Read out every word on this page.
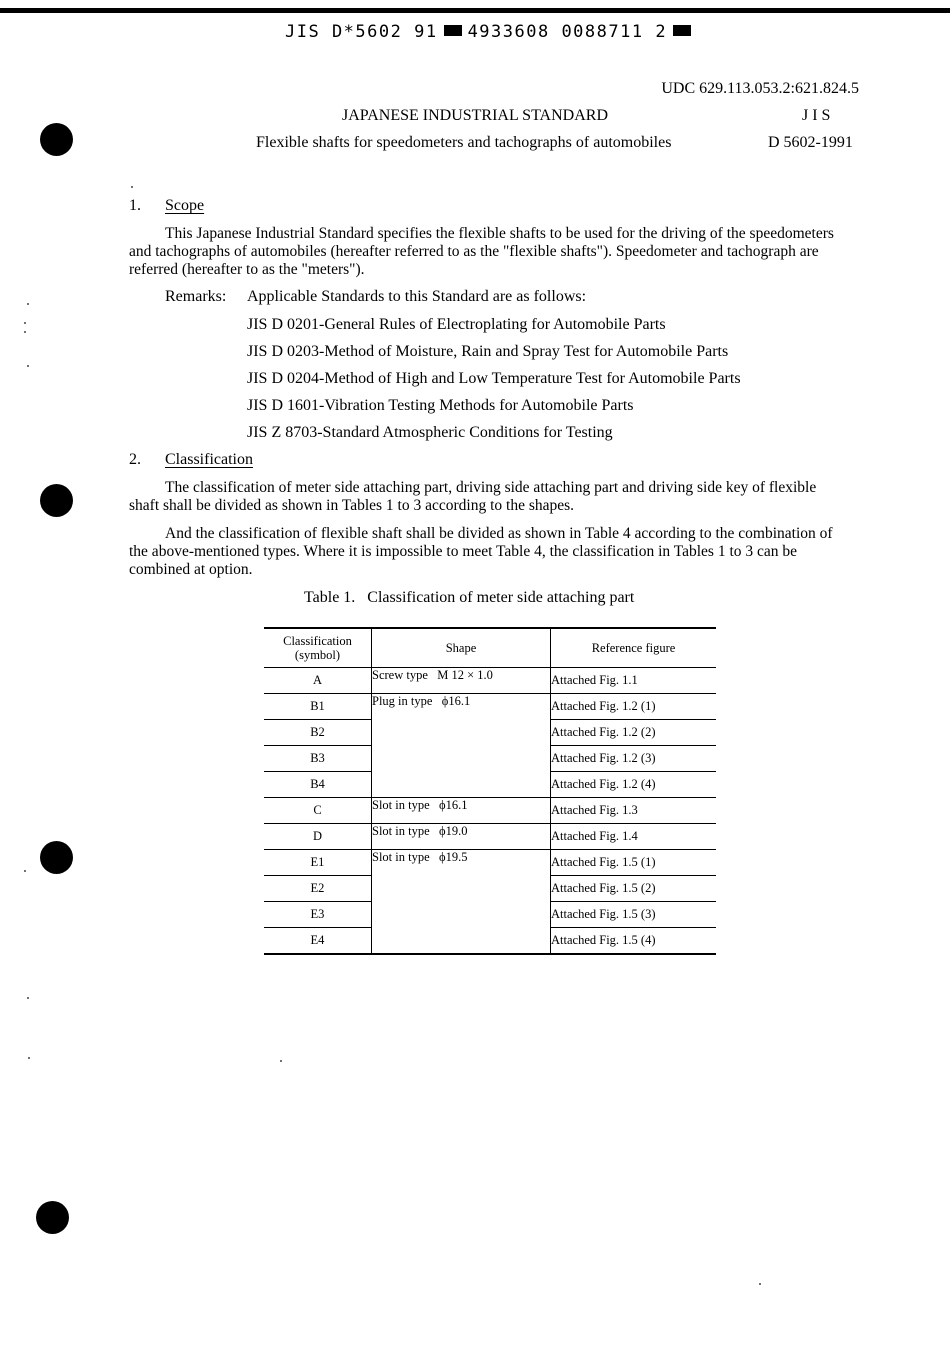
JIS D*5602 91 4933608 0088711 2
UDC 629.113.053.2:621.824.5
JAPANESE INDUSTRIAL STANDARD	J I S
Flexible shafts for speedometers and tachographs of automobiles	D 5602-1991
1. Scope
This Japanese Industrial Standard specifies the flexible shafts to be used for the driving of the speedometers and tachographs of automobiles (hereafter referred to as the "flexible shafts"). Speedometer and tachograph are referred (hereafter to as the "meters").
Remarks: Applicable Standards to this Standard are as follows:
JIS D 0201-General Rules of Electroplating for Automobile Parts
JIS D 0203-Method of Moisture, Rain and Spray Test for Automobile Parts
JIS D 0204-Method of High and Low Temperature Test for Automobile Parts
JIS D 1601-Vibration Testing Methods for Automobile Parts
JIS Z 8703-Standard Atmospheric Conditions for Testing
2. Classification
The classification of meter side attaching part, driving side attaching part and driving side key of flexible shaft shall be divided as shown in Tables 1 to 3 according to the shapes.
And the classification of flexible shaft shall be divided as shown in Table 4 according to the combination of the above-mentioned types. Where it is impossible to meet Table 4, the classification in Tables 1 to 3 can be combined at option.
Table 1.   Classification of meter side attaching part
Classification (symbol)	Shape	Reference figure
A	Screw type   M 12 × 1.0	Attached Fig. 1.1
B1	Plug in type   ϕ16.1	Attached Fig. 1.2 (1)
B2		Attached Fig. 1.2 (2)
B3		Attached Fig. 1.2 (3)
B4		Attached Fig. 1.2 (4)
C	Slot in type   ϕ16.1	Attached Fig. 1.3
D	Slot in type   ϕ19.0	Attached Fig. 1.4
E1	Slot in type   ϕ19.5	Attached Fig. 1.5 (1)
E2		Attached Fig. 1.5 (2)
E3		Attached Fig. 1.5 (3)
E4		Attached Fig. 1.5 (4)
